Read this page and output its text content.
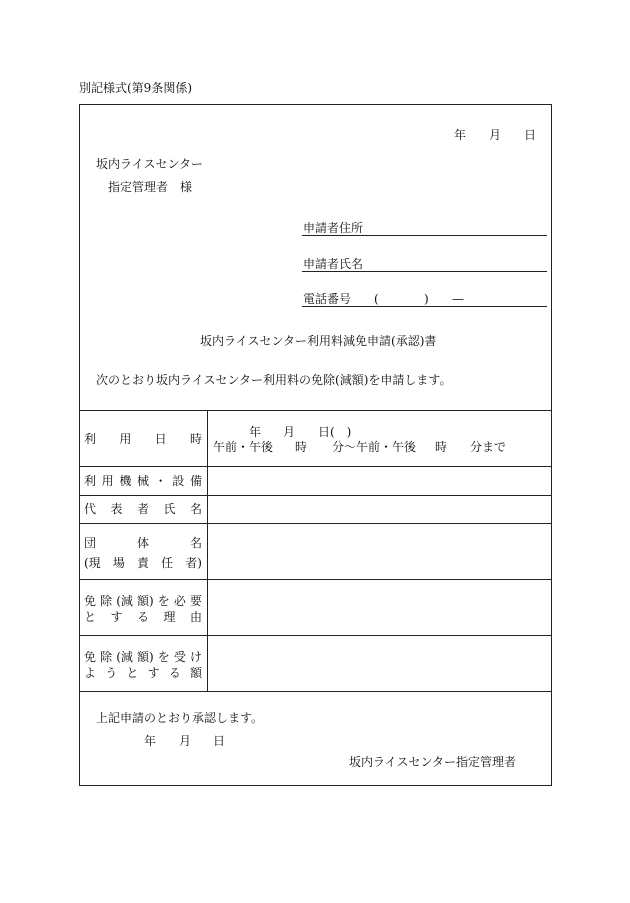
別記様式(第9条関係)
年 月 日
坂内ライスセンター
指定管理者　様
申請者住所
申請者氏名
電話番号 (	) —
坂内ライスセンター利用料減免申請(承認)書
次のとおり坂内ライスセンター利用料の免除(減額)を申請します。
利 用 日 時	年 月 日(　)
午前・午後 時 分～午前・午後 時 分まで
利 用 機 械 ・ 設 備
代 表 者 氏 名
団	体	名
(現 場 責 任 者)
免 除 (減 額) を 必 要
と す る 理 由
免 除 (減 額) を 受 け
よ う と す る 額
上記申請のとおり承認します。
年 月 日
坂内ライスセンター指定管理者
